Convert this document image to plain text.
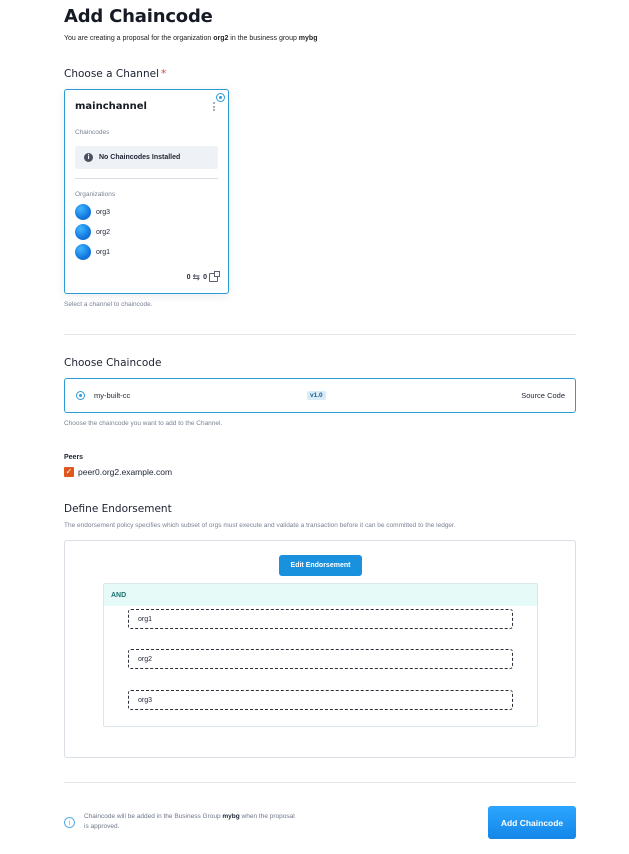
Add Chaincode
You are creating a proposal for the organization org2 in the business group mybg
Choose a Channel *
mainchannel
Chaincodes
i	No Chaincodes Installed
Organizations
org3
org2
org1
0 ⇆ 0
Select a channel to chaincode.
Choose Chaincode
my-built-cc	v1.0	Source Code
Choose the chaincode you want to add to the Channel.
Peers
✓ peer0.org2.example.com
Define Endorsement
The endorsement policy specifies which subset of orgs must execute and validate a transaction before it can be committed to the ledger.
Edit Endorsement
AND
org1
org2
org3
i
Chaincode will be added in the Business Group mybg when the proposal is approved.	Add Chaincode
